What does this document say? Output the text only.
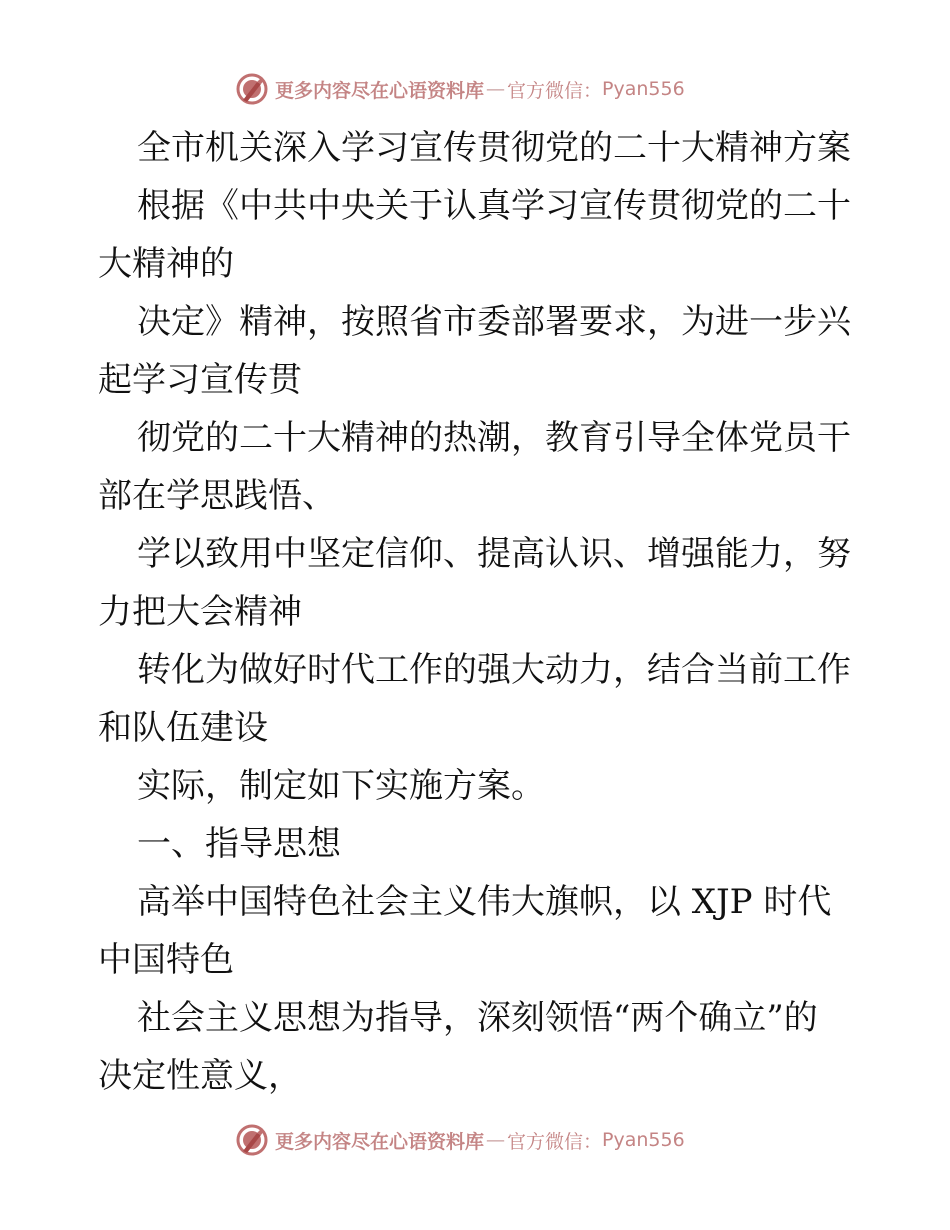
更多内容尽在心语资料库 — 官方微信： Pyan556
全市机关深入学习宣传贯彻党的二十大精神方案
根据《中共中央关于认真学习宣传贯彻党的二十
大精神的
决定》精神，按照省市委部署要求，为进一步兴
起学习宣传贯
彻党的二十大精神的热潮，教育引导全体党员干
部在学思践悟、
学以致用中坚定信仰、提高认识、增强能力，努
力把大会精神
转化为做好时代工作的强大动力，结合当前工作
和队伍建设
实际，制定如下实施方案。
一、指导思想
高举中国特色社会主义伟大旗帜，以 XJP 时代
中国特色
社会主义思想为指导，深刻领悟“两个确立”的
决定性意义，
更多内容尽在心语资料库 — 官方微信： Pyan556
